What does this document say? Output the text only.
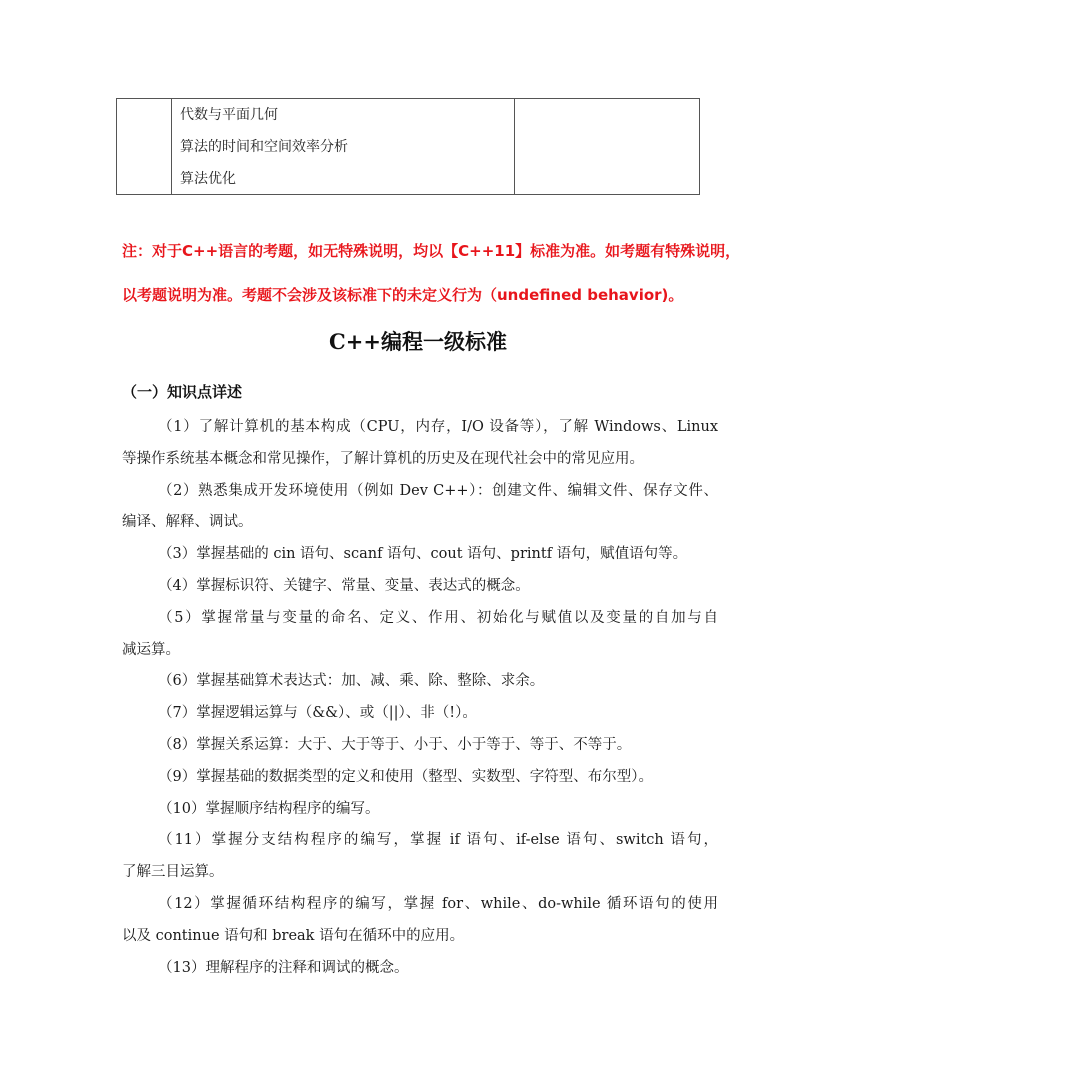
代数与平面几何
算法的时间和空间效率分析
算法优化

注：对于C++语言的考题，如无特殊说明，均以【C++11】标准为准。如考题有特殊说明，
以考题说明为准。考题不会涉及该标准下的未定义行为（undefined behavior)。

C++编程一级标准
（一）知识点详述

（1）了解计算机的基本构成（CPU，内存，I/O 设备等），了解 Windows、Linux
等操作系统基本概念和常见操作，了解计算机的历史及在现代社会中的常见应用。

（2）熟悉集成开发环境使用（例如 Dev C++）：创建文件、编辑文件、保存文件、
编译、解释、调试。

（3）掌握基础的 cin 语句、scanf 语句、cout 语句、printf 语句，赋值语句等。

（4）掌握标识符、关键字、常量、变量、表达式的概念。

（5）掌握常量与变量的命名、定义、作用、初始化与赋值以及变量的自加与自
减运算。

（6）掌握基础算术表达式：加、减、乘、除、整除、求余。

（7）掌握逻辑运算与（&&）、或（||）、非（!）。

（8）掌握关系运算：大于、大于等于、小于、小于等于、等于、不等于。

（9）掌握基础的数据类型的定义和使用（整型、实数型、字符型、布尔型）。

（10）掌握顺序结构程序的编写。

（11）掌握分支结构程序的编写，掌握 if 语句、if-else 语句、switch 语句，
了解三目运算。

（12）掌握循环结构程序的编写，掌握 for、while、do-while 循环语句的使用
以及 continue 语句和 break 语句在循环中的应用。

（13）理解程序的注释和调试的概念。
